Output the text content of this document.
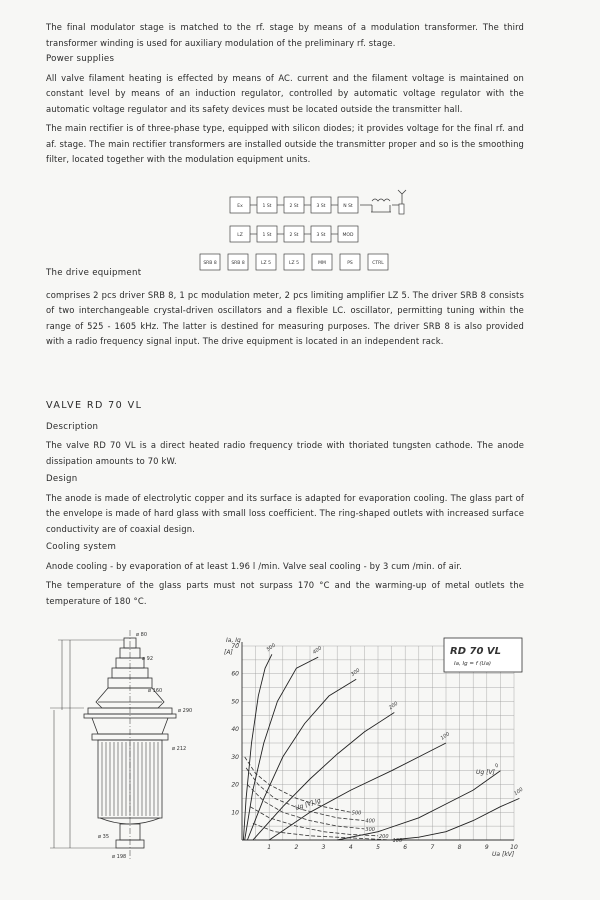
The final modulator stage is matched to the rf. stage by means of a modulation transformer. The third transformer winding is used for auxiliary modulation of the preliminary rf. stage.

Power supplies

All valve filament heating is effected by means of AC. current and the filament voltage is maintained on constant level by means of an induction regulator, controlled by automatic voltage regulator with the automatic voltage regulator and its safety devices must be located outside the transmitter hall.

The main rectifier is of three-phase type, equipped with silicon diodes; it provides voltage for the final rf. and af. stage. The main rectifier transformers are installed outside the transmitter proper and so is the smoothing filter, located together with the modulation equipment units.

Ex	1 St	2 St	3 St	N St
LZ	1 St	2 St	3 St	MOD
SRB 8	SRB 8	LZ 5	LZ 5	MM	PS	CTRL
The drive equipment

comprises 2 pcs driver SRB 8, 1 pc modulation meter, 2 pcs limiting amplifier LZ 5. The driver SRB 8 consists of two interchangeable crystal-driven oscillators and a flexible LC. oscillator, permitting tuning within the range of 525 - 1605 kHz. The latter is destined for measuring purposes. The driver SRB 8 is also provided with a radio frequency signal input. The drive equipment is located in an independent rack.

VALVE RD 70 VL
Description

The valve RD 70 VL is a direct heated radio frequency triode with thoriated tungsten cathode. The anode dissipation amounts to 70 kW.

Design

The anode is made of electrolytic copper and its surface is adapted for evaporation cooling. The glass part of the envelope is made of hard glass with small loss coefficient. The ring-shaped outlets with increased surface conductivity are of coaxial design.

Cooling system

Anode cooling - by evaporation of at least 1.96 l /min. Valve seal cooling - by 3 cum /min. of air.

The temperature of the glass parts must not surpass 170 °C and the warming-up of metal outlets the temperature of 180 °C.

ø 80
ø 92
ø 160
ø 290
ø 212
ø 35
ø 198
500	400
300
200
100
0
100
500
400
300
200
100
1	2	3	4	5	6	7	8	9	10
10
20
30
40
50
60
70	RD 70 VL
Ia, Ig = f (Ua)
Ia, Ig
[A]
Ua [kV]
Ug [V]
Ug [V] Ig
